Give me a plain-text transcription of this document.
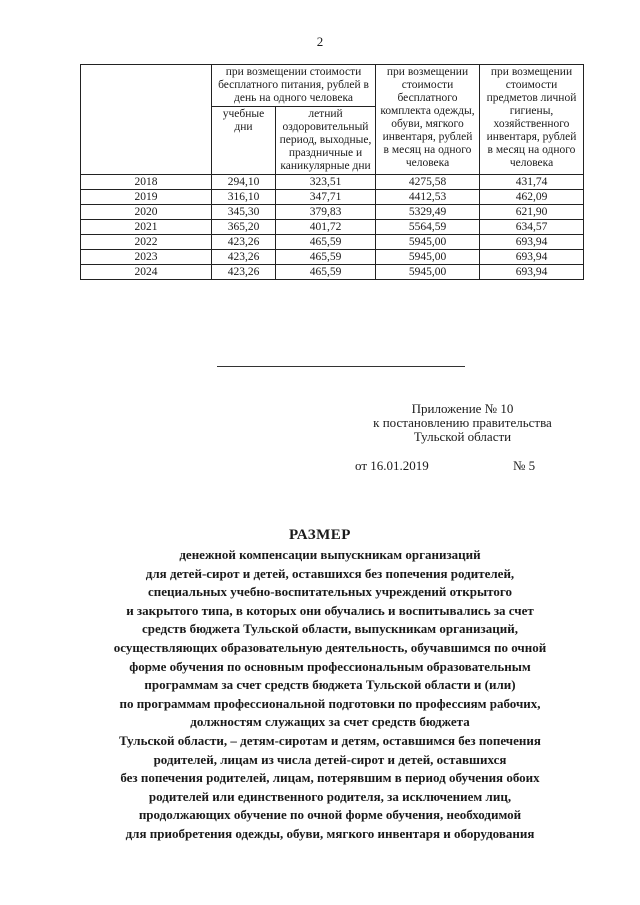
2
	при возмещении стоимости бесплатного питания, рублей в день на одного человека		при возмещении стоимости бесплатного комплекта одежды, обуви, мягкого инвентаря, рублей в месяц на одного человека	при возмещении стоимости предметов личной гигиены, хозяйственного инвентаря, рублей в месяц на одного человека
	учебные дни	летний оздоровительный период, выходные, праздничные и каникулярные дни		
2018	294,10	323,51	4275,58	431,74
2019	316,10	347,71	4412,53	462,09
2020	345,30	379,83	5329,49	621,90
2021	365,20	401,72	5564,59	634,57
2022	423,26	465,59	5945,00	693,94
2023	423,26	465,59	5945,00	693,94
2024	423,26	465,59	5945,00	693,94
Приложение № 10
к постановлению правительства
Тульской области
от 16.01.2019	№ 5
РАЗМЕР
денежной компенсации выпускникам организаций
для детей-сирот и детей, оставшихся без попечения родителей,
специальных учебно-воспитательных учреждений открытого
и закрытого типа, в которых они обучались и воспитывались за счет
средств бюджета Тульской области, выпускникам организаций,
осуществляющих образовательную деятельность, обучавшимся по очной
форме обучения по основным профессиональным образовательным
программам за счет средств бюджета Тульской области и (или)
по программам профессиональной подготовки по профессиям рабочих,
должностям служащих за счет средств бюджета
Тульской области, – детям-сиротам и детям, оставшимся без попечения
родителей, лицам из числа детей-сирот и детей, оставшихся
без попечения родителей, лицам, потерявшим в период обучения обоих
родителей или единственного родителя, за исключением лиц,
продолжающих обучение по очной форме обучения, необходимой
для приобретения одежды, обуви, мягкого инвентаря и оборудования
